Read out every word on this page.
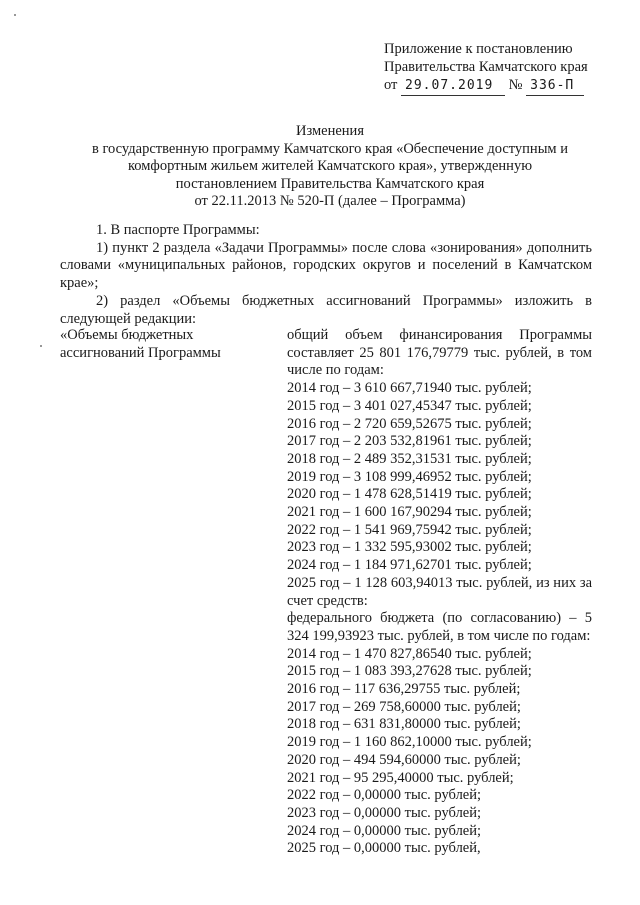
Приложение к постановлению
Правительства Камчатского края
от 29.07.2019 № 336-П
Изменения
в государственную программу Камчатского края «Обеспечение доступным и
комфортным жильем жителей Камчатского края», утвержденную
постановлением Правительства Камчатского края
от 22.11.2013 № 520-П (далее – Программа)
1. В паспорте Программы:
1) пункт 2 раздела «Задачи Программы» после слова «зонирования» дополнить словами «муниципальных районов, городских округов и поселений в Камчатском крае»;
2) раздел «Объемы бюджетных ассигнований Программы» изложить в следующей редакции:
«Объемы бюджетных
ассигнований Программы
общий объем финансирования Программы составляет 25 801 176,79779 тыс. рублей, в том числе по годам:
2014 год – 3 610 667,71940 тыс. рублей;
2015 год – 3 401 027,45347 тыс. рублей;
2016 год – 2 720 659,52675 тыс. рублей;
2017 год – 2 203 532,81961 тыс. рублей;
2018 год – 2 489 352,31531 тыс. рублей;
2019 год – 3 108 999,46952 тыс. рублей;
2020 год – 1 478 628,51419 тыс. рублей;
2021 год – 1 600 167,90294 тыс. рублей;
2022 год – 1 541 969,75942 тыс. рублей;
2023 год – 1 332 595,93002 тыс. рублей;
2024 год – 1 184 971,62701 тыс. рублей;
2025 год – 1 128 603,94013 тыс. рублей, из них за счет средств:
федерального бюджета (по согласованию) – 5 324 199,93923 тыс. рублей, в том числе по годам:
2014 год – 1 470 827,86540 тыс. рублей;
2015 год – 1 083 393,27628 тыс. рублей;
2016 год – 117 636,29755 тыс. рублей;
2017 год – 269 758,60000 тыс. рублей;
2018 год – 631 831,80000 тыс. рублей;
2019 год – 1 160 862,10000 тыс. рублей;
2020 год – 494 594,60000 тыс. рублей;
2021 год – 95 295,40000 тыс. рублей;
2022 год – 0,00000 тыс. рублей;
2023 год – 0,00000 тыс. рублей;
2024 год – 0,00000 тыс. рублей;
2025 год – 0,00000 тыс. рублей,
